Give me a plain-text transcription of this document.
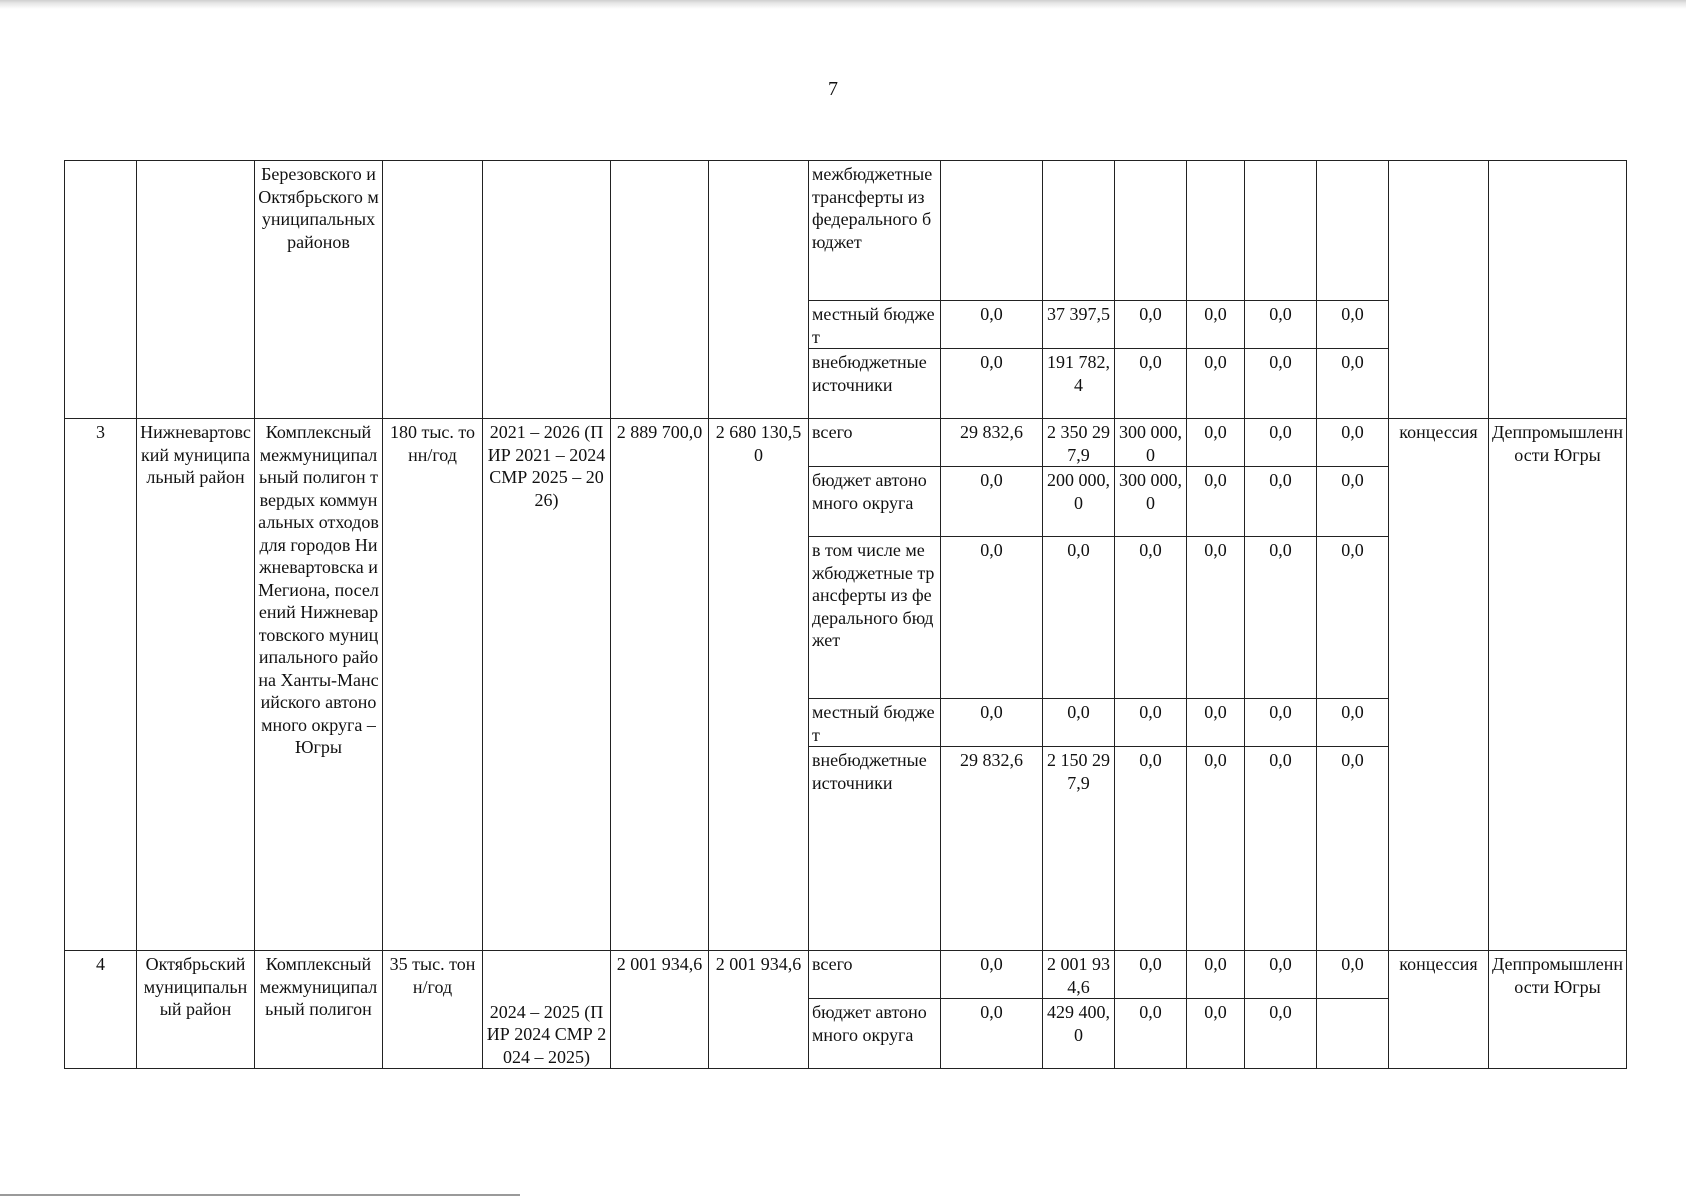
7
		Березовского и Октябрьского муниципальных районов					межбюджетные трансферты из федерального бюджет								
							местный бюджет	0,0	37 397,5	0,0	0,0	0,0	0,0		
							внебюджетные источники	0,0	191 782,4	0,0	0,0	0,0	0,0		
3	Нижневартовский муниципальный район	Комплексный межмуниципальный полигон твердых коммунальных отходов для городов Нижневартовска и Мегиона, поселений Нижневартовского муниципального района Ханты-Мансийского автономного округа – Югры	180 тыс. тонн/год	2021 – 2026 (ПИР 2021 – 2024 СМР 2025 – 2026)	2 889 700,0	2 680 130,50	всего	29 832,6	2 350 297,9	300 000,0	0,0	0,0	0,0	концессия	Деппромышленности Югры
							бюджет автономного округа	0,0	200 000,0	300 000,0	0,0	0,0	0,0		
							в том числе межбюджетные трансферты из федерального бюджет	0,0	0,0	0,0	0,0	0,0	0,0		
							местный бюджет	0,0	0,0	0,0	0,0	0,0	0,0		
							внебюджетные источники	29 832,6	2 150 297,9	0,0	0,0	0,0	0,0		
4	Октябрьский муниципальный район	Комплексный межмуниципальный полигон	35 тыс. тонн/год	2024 – 2025 (ПИР 2024 СМР 2024 – 2025)	2 001 934,6	2 001 934,6	всего	0,0	2 001 934,6	0,0	0,0	0,0	0,0	концессия	Деппромышленности Югры
							бюджет автономного округа	0,0	429 400,0	0,0	0,0	0,0			
